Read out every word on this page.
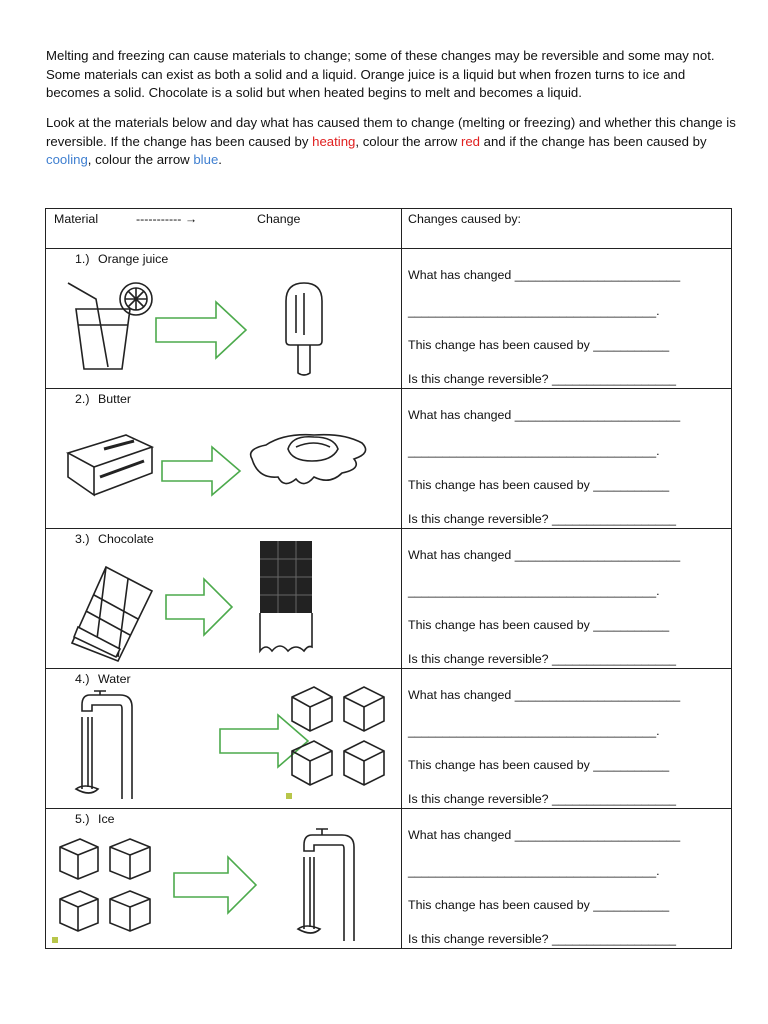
Melting and freezing can cause materials to change; some of these changes may be reversible and some may not. Some materials can exist as both a solid and a liquid. Orange juice is a liquid but when frozen turns to ice and becomes a solid. Chocolate is a solid but when heated begins to melt and becomes a liquid.

Look at the materials below and day what has caused them to change (melting or freezing) and whether this change is reversible. If the change has been caused by heating, colour the arrow red and if the change has been caused by cooling, colour the arrow blue.

Material ----------- → Change	Changes caused by:

1.) Orange juice	What has changed ________________________
____________________________________.
This change has been caused by ___________
Is this change reversible? __________________

2.) Butter	What has changed ________________________
____________________________________.
This change has been caused by ___________
Is this change reversible? __________________

3.) Chocolate	What has changed ________________________
____________________________________.
This change has been caused by ___________
Is this change reversible? __________________

4.) Water	What has changed ________________________
____________________________________.
This change has been caused by ___________
Is this change reversible? __________________

5.) Ice	What has changed ________________________
____________________________________.
This change has been caused by ___________
Is this change reversible? __________________
